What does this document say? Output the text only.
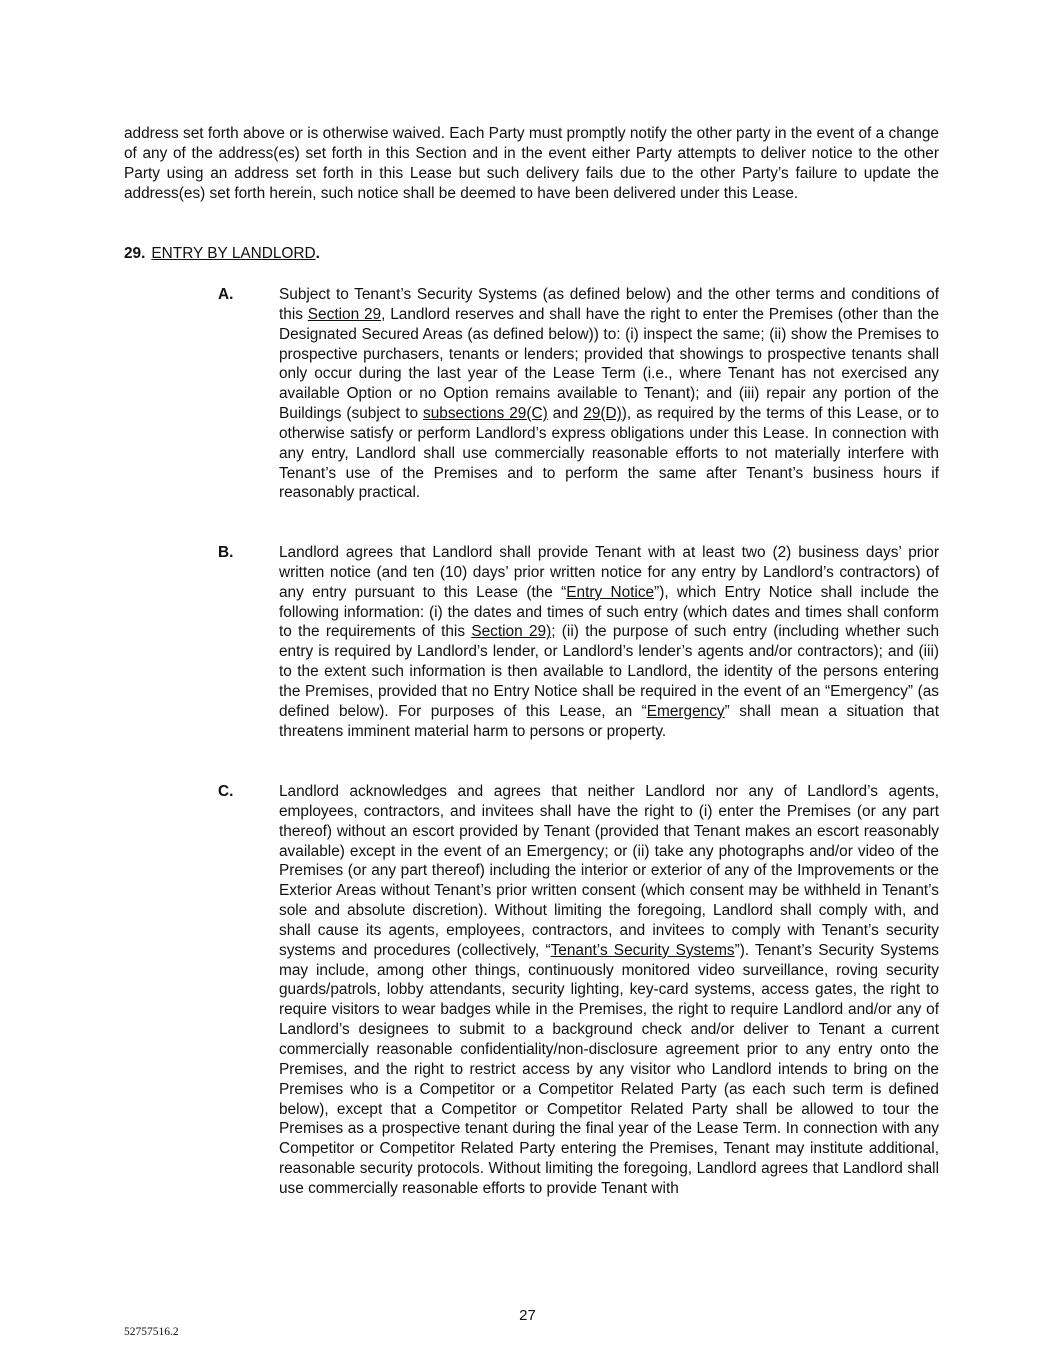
address set forth above or is otherwise waived. Each Party must promptly notify the other party in the event of a change of any of the address(es) set forth in this Section and in the event either Party attempts to deliver notice to the other Party using an address set forth in this Lease but such delivery fails due to the other Party’s failure to update the address(es) set forth herein, such notice shall be deemed to have been delivered under this Lease.

29. ENTRY BY LANDLORD.
A.	Subject to Tenant’s Security Systems (as defined below) and the other terms and conditions of this Section 29, Landlord reserves and shall have the right to enter the Premises (other than the Designated Secured Areas (as defined below)) to: (i) inspect the same; (ii) show the Premises to prospective purchasers, tenants or lenders; provided that showings to prospective tenants shall only occur during the last year of the Lease Term (i.e., where Tenant has not exercised any available Option or no Option remains available to Tenant); and (iii) repair any portion of the Buildings (subject to subsections 29(C) and 29(D)), as required by the terms of this Lease, or to otherwise satisfy or perform Landlord’s express obligations under this Lease. In connection with any entry, Landlord shall use commercially reasonable efforts to not materially interfere with Tenant’s use of the Premises and to perform the same after Tenant’s business hours if reasonably practical.

B.	Landlord agrees that Landlord shall provide Tenant with at least two (2) business days’ prior written notice (and ten (10) days’ prior written notice for any entry by Landlord’s contractors) of any entry pursuant to this Lease (the “Entry Notice”), which Entry Notice shall include the following information: (i) the dates and times of such entry (which dates and times shall conform to the requirements of this Section 29); (ii) the purpose of such entry (including whether such entry is required by Landlord’s lender, or Landlord’s lender’s agents and/or contractors); and (iii) to the extent such information is then available to Landlord, the identity of the persons entering the Premises, provided that no Entry Notice shall be required in the event of an “Emergency” (as defined below). For purposes of this Lease, an “Emergency” shall mean a situation that threatens imminent material harm to persons or property.

C.	Landlord acknowledges and agrees that neither Landlord nor any of Landlord’s agents, employees, contractors, and invitees shall have the right to (i) enter the Premises (or any part thereof) without an escort provided by Tenant (provided that Tenant makes an escort reasonably available) except in the event of an Emergency; or (ii) take any photographs and/or video of the Premises (or any part thereof) including the interior or exterior of any of the Improvements or the Exterior Areas without Tenant’s prior written consent (which consent may be withheld in Tenant’s sole and absolute discretion). Without limiting the foregoing, Landlord shall comply with, and shall cause its agents, employees, contractors, and invitees to comply with Tenant’s security systems and procedures (collectively, “Tenant’s Security Systems”). Tenant’s Security Systems may include, among other things, continuously monitored video surveillance, roving security guards/patrols, lobby attendants, security lighting, key-card systems, access gates, the right to require visitors to wear badges while in the Premises, the right to require Landlord and/or any of Landlord’s designees to submit to a background check and/or deliver to Tenant a current commercially reasonable confidentiality/non-disclosure agreement prior to any entry onto the Premises, and the right to restrict access by any visitor who Landlord intends to bring on the Premises who is a Competitor or a Competitor Related Party (as each such term is defined below), except that a Competitor or Competitor Related Party shall be allowed to tour the Premises as a prospective tenant during the final year of the Lease Term. In connection with any Competitor or Competitor Related Party entering the Premises, Tenant may institute additional, reasonable security protocols. Without limiting the foregoing, Landlord agrees that Landlord shall use commercially reasonable efforts to provide Tenant with

27
52757516.2
